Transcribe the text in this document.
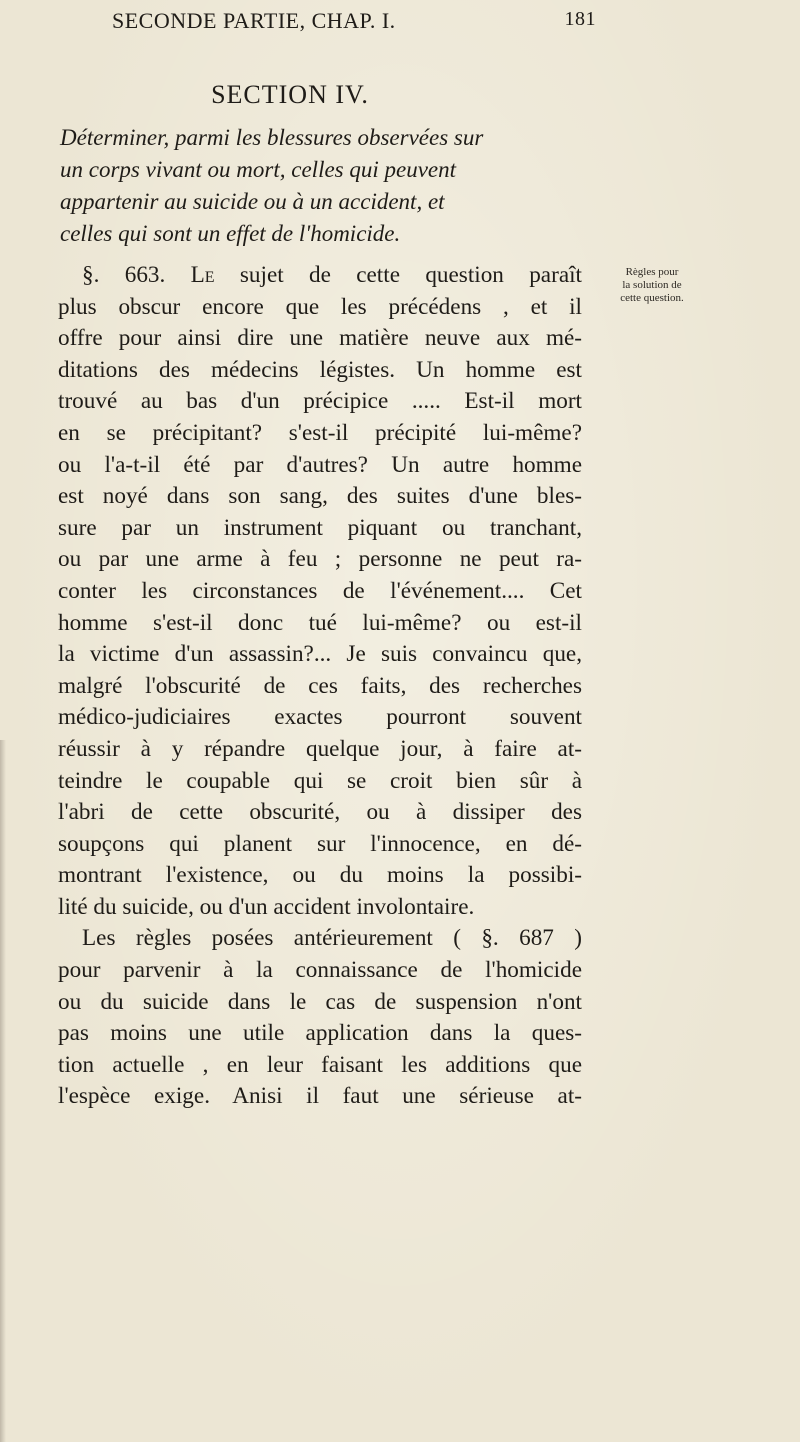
SECONDE PARTIE, CHAP. I.	181
SECTION IV.
Déterminer, parmi les blessures observées sur
un corps vivant ou mort, celles qui peuvent
appartenir au suicide ou à un accident, et
celles qui sont un effet de l'homicide.
Règles pour
la solution de
cette question.
§. 663. Le sujet de cette question paraît
plus obscur encore que les précédens , et il
offre pour ainsi dire une matière neuve aux mé-
ditations des médecins légistes. Un homme est
trouvé au bas d'un précipice ..... Est-il mort
en se précipitant? s'est-il précipité lui-même?
ou l'a-t-il été par d'autres? Un autre homme
est noyé dans son sang, des suites d'une bles-
sure par un instrument piquant ou tranchant,
ou par une arme à feu ; personne ne peut ra-
conter les circonstances de l'événement.... Cet
homme s'est-il donc tué lui-même? ou est-il
la victime d'un assassin?... Je suis convaincu que,
malgré l'obscurité de ces faits, des recherches
médico-judiciaires exactes pourront souvent
réussir à y répandre quelque jour, à faire at-
teindre le coupable qui se croit bien sûr à
l'abri de cette obscurité, ou à dissiper des
soupçons qui planent sur l'innocence, en dé-
montrant l'existence, ou du moins la possibi-
lité du suicide, ou d'un accident involontaire.
Les règles posées antérieurement ( §. 687 )
pour parvenir à la connaissance de l'homicide
ou du suicide dans le cas de suspension n'ont
pas moins une utile application dans la ques-
tion actuelle , en leur faisant les additions que
l'espèce exige. Anisi il faut une sérieuse at-
